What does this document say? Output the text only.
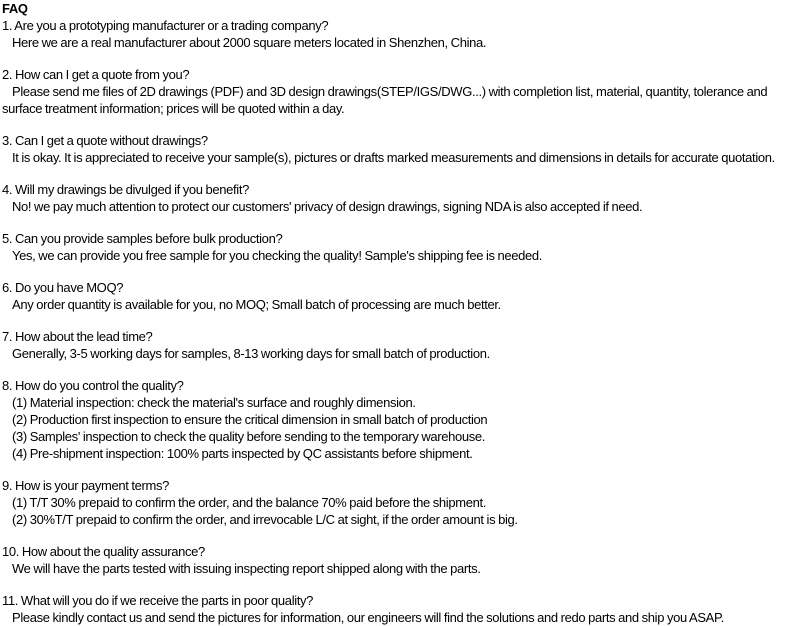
FAQ
1. Are you a prototyping manufacturer or a trading company?
Here we are a real manufacturer about 2000 square meters located in Shenzhen, China.
2. How can I get a quote from you?
Please send me files of 2D drawings (PDF) and 3D design drawings(STEP/IGS/DWG...) with completion list, material, quantity, tolerance and surface treatment information; prices will be quoted within a day.
3. Can I get a quote without drawings?
It is okay. It is appreciated to receive your sample(s), pictures or drafts marked measurements and dimensions in details for accurate quotation.
4. Will my drawings be divulged if you benefit?
No! we pay much attention to protect our customers' privacy of design drawings, signing NDA is also accepted if need.
5. Can you provide samples before bulk production?
Yes, we can provide you free sample for you checking the quality! Sample's shipping fee is needed.
6. Do you have MOQ?
Any order quantity is available for you, no MOQ; Small batch of processing are much better.
7. How about the lead time?
Generally, 3-5 working days for samples, 8-13 working days for small batch of production.
8. How do you control the quality?
(1) Material inspection: check the material's surface and roughly dimension.
(2) Production first inspection to ensure the critical dimension in small batch of production
(3) Samples' inspection to check the quality before sending to the temporary warehouse.
(4) Pre-shipment inspection: 100% parts inspected by QC assistants before shipment.
9. How is your payment terms?
(1) T/T 30% prepaid to confirm the order, and the balance 70% paid before the shipment.
(2) 30%T/T prepaid to confirm the order, and irrevocable L/C at sight, if the order amount is big.
10. How about the quality assurance?
We will have the parts tested with issuing inspecting report shipped along with the parts.
11. What will you do if we receive the parts in poor quality?
Please kindly contact us and send the pictures for information, our engineers will find the solutions and redo parts and ship you ASAP.
